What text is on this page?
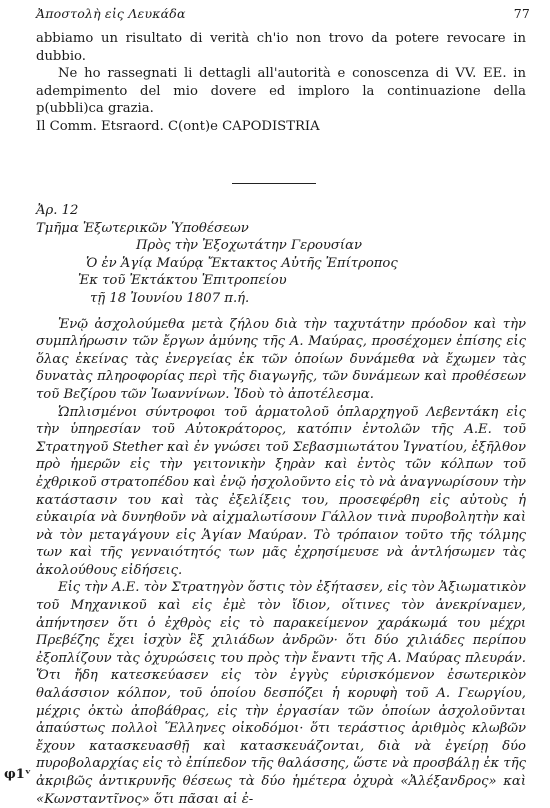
Ἀποστολὴ εἰς Λευκάδα	77

abbiamo un risultato di verità ch'io non trovo da potere revocare in dubbio.

Ne ho rassegnati li dettagli all'autorità e conoscenza di VV. EE. in adempimento del mio dovere ed imploro la continuazione della p(ubbli)ca grazia.

Il Comm. Etsraord. C(ont)e CAPODISTRIA

Ἀρ. 12

Τμῆμα Ἐξωτερικῶν Ὑποθέσεων

Πρὸς τὴν Ἐξοχωτάτην Γερουσίαν

Ὁ ἐν Ἁγίᾳ Μαύρᾳ Ἔκτακτος Αὐτῆς Ἐπίτροπος

Ἐκ τοῦ Ἐκτάκτου Ἐπιτροπείου

τῇ 18 Ἰουνίου 1807 π.ή.

Ἐνῷ ἀσχολούμεθα μετὰ ζήλου διὰ τὴν ταχυτάτην πρόοδον καὶ τὴν συμπλήρωσιν τῶν ἔργων ἀμύνης τῆς Α. Μαύρας, προσέχομεν ἐπίσης εἰς ὅλας ἐκείνας τὰς ἐνεργείας ἐκ τῶν ὁποίων δυνάμεθα νὰ ἔχωμεν τὰς δυνατὰς πληροφορίας περὶ τῆς διαγωγῆς, τῶν δυνάμεων καὶ προθέσεων τοῦ Βεζίρου τῶν Ἰωαννίνων. Ἰδοὺ τὸ ἀποτέλεσμα.

Ὡπλισμένοι σύντροφοι τοῦ ἁρματολοῦ ὁπλαρχηγοῦ Λεβεντάκη εἰς τὴν ὑπηρεσίαν τοῦ Αὐτοκράτορος, κατόπιν ἐντολῶν τῆς Α.Ε. τοῦ Στρατηγοῦ Stether καὶ ἐν γνώσει τοῦ Σεβασμιωτάτου Ἰγνατίου, ἐξῆλθον πρὸ ἡμερῶν εἰς τὴν γειτονικὴν ξηρὰν καὶ ἐντὸς τῶν κόλπων τοῦ ἐχθρικοῦ στρατοπέδου καὶ ἐνῷ ἠσχολοῦντο εἰς τὸ νὰ ἀναγνωρίσουν τὴν κατάστασιν του καὶ τὰς ἐξελίξεις του, προσεφέρθη εἰς αὐτοὺς ἡ εὐκαιρία νὰ δυνηθοῦν νὰ αἰχμαλωτίσουν Γάλλον τινὰ πυροβολητὴν καὶ νὰ τὸν μεταγάγουν εἰς Ἁγίαν Μαύραν. Τὸ τρόπαιον τοῦτο τῆς τόλμης των καὶ τῆς γενναιότητός των μᾶς ἐχρησίμευσε νὰ ἀντλήσωμεν τὰς ἀκολούθους εἰδήσεις.

Εἰς τὴν Α.Ε. τὸν Στρατηγὸν ὅστις τὸν ἐξήτασεν, εἰς τὸν Ἀξιωματικὸν τοῦ Μηχανικοῦ καὶ εἰς ἐμὲ τὸν ἴδιον, οἵτινες τὸν ἀνεκρίναμεν, ἀπήντησεν ὅτι ὁ ἐχθρὸς εἰς τὸ παρακείμενον χαράκωμά του μέχρι Πρεβέζης ἔχει ἰσχὺν ἓξ χιλιάδων ἀνδρῶν· ὅτι δύο χιλιάδες περίπου ἐξοπλίζουν τὰς ὀχυρώσεις του πρὸς τὴν ἔναντι τῆς Α. Μαύρας πλευράν. Ὅτι ἤδη κατεσκεύασεν εἰς τὸν ἐγγὺς εὑρισκόμενον ἐσωτερικὸν θαλάσσιον κόλπον, τοῦ ὁποίου δεσπόζει ἡ κορυφὴ τοῦ Α. Γεωργίου, μέχρις ὀκτὼ ἀποβάθρας, εἰς τὴν ἐργασίαν τῶν ὁποίων ἀσχολοῦνται ἀπαύστως πολλοὶ Ἕλληνες οἰκοδόμοι· ὅτι τεράστιος ἀριθμὸς κλωβῶν ἔχουν κατασκευασθῇ καὶ κατασκευάζονται, διὰ νὰ ἐγείρῃ δύο πυροβολαρχίας εἰς τὸ ἐπίπεδον τῆς θαλάσσης, ὥστε νὰ προσβάλῃ ἐκ τῆς ἀκριβῶς ἀντικρυνῆς θέσεως τὰ δύο ἡμέτερα ὀχυρὰ «Ἀλέξανδρος» καὶ «Κωνσταντῖνος» ὅτι πᾶσαι αἱ ἐ-

φ1ᵛ
